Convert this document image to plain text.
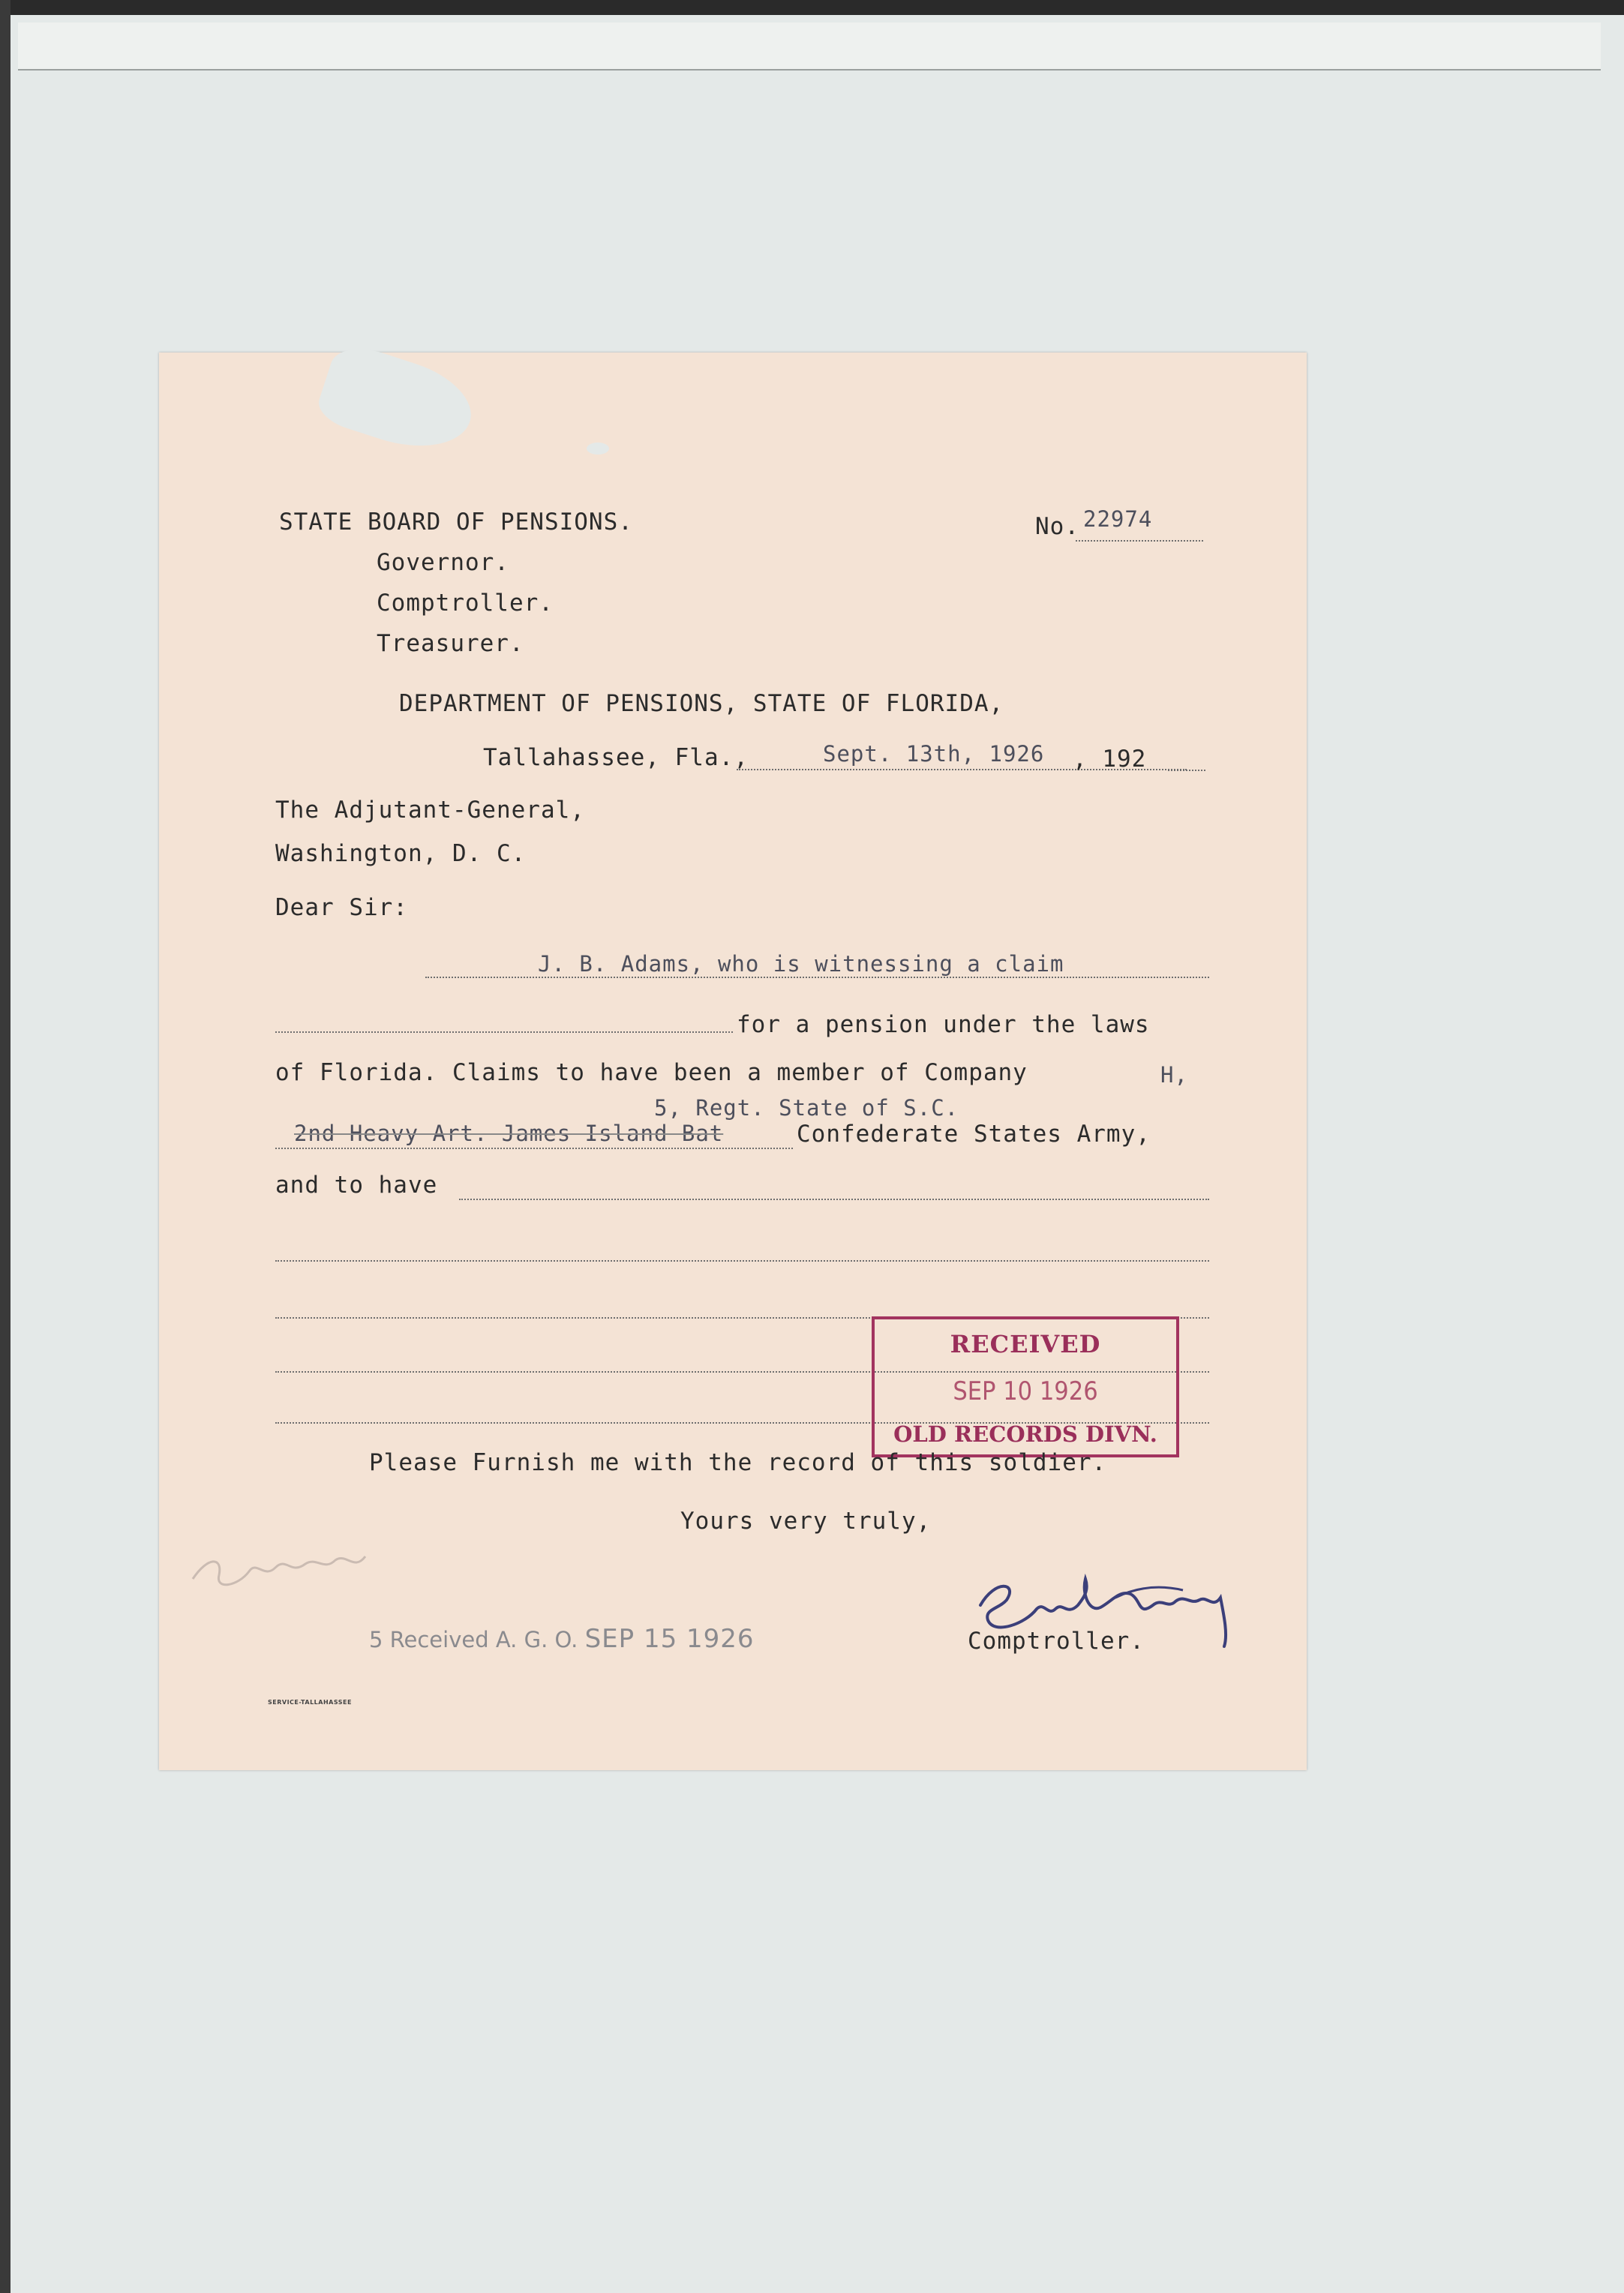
STATE BOARD OF PENSIONS.
Governor.
Comptroller.
Treasurer.
No. 22974
DEPARTMENT OF PENSIONS, STATE OF FLORIDA,
Tallahassee, Fla.,	Sept. 13th, 1926 , 192
The Adjutant-General,
Washington, D. C.
Dear Sir:
J. B. Adams, who is witnessing a claim
for a pension under the laws
of Florida. Claims to have been a member of Company	H,
5, Regt. State of S.C.
2nd Heavy Art. James Island Bat	Confederate States Army,
and to have
RECEIVED
SEP 10 1926
OLD RECORDS DIVN.
Please Furnish me with the record of this soldier.
Yours very truly,
Comptroller.
5 Received A. G. O. SEP 15 1926
SERVICE-TALLAHASSEE
